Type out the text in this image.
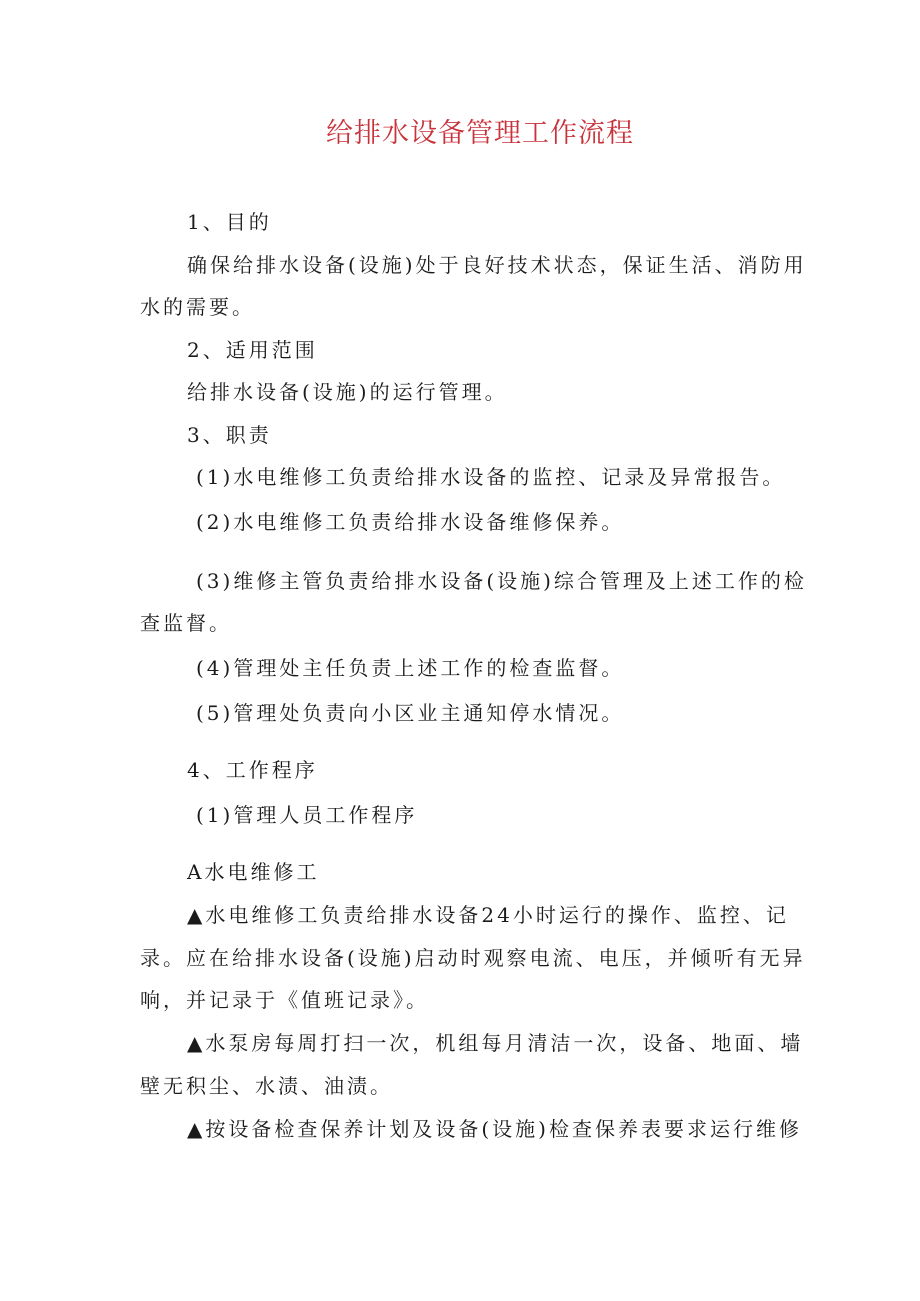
给排水设备管理工作流程
1、目的
确保给排水设备(设施)处于良好技术状态，保证生活、消防用
水的需要。
2、适用范围
给排水设备(设施)的运行管理。
3、职责
(1)水电维修工负责给排水设备的监控、记录及异常报告。
(2)水电维修工负责给排水设备维修保养。
(3)维修主管负责给排水设备(设施)综合管理及上述工作的检
查监督。
(4)管理处主任负责上述工作的检查监督。
(5)管理处负责向小区业主通知停水情况。
4、工作程序
(1)管理人员工作程序
A水电维修工
▲水电维修工负责给排水设备24小时运行的操作、监控、记
录。应在给排水设备(设施)启动时观察电流、电压，并倾听有无异
响，并记录于《值班记录》。
▲水泵房每周打扫一次，机组每月清洁一次，设备、地面、墙
壁无积尘、水渍、油渍。
▲按设备检查保养计划及设备(设施)检查保养表要求运行维修
